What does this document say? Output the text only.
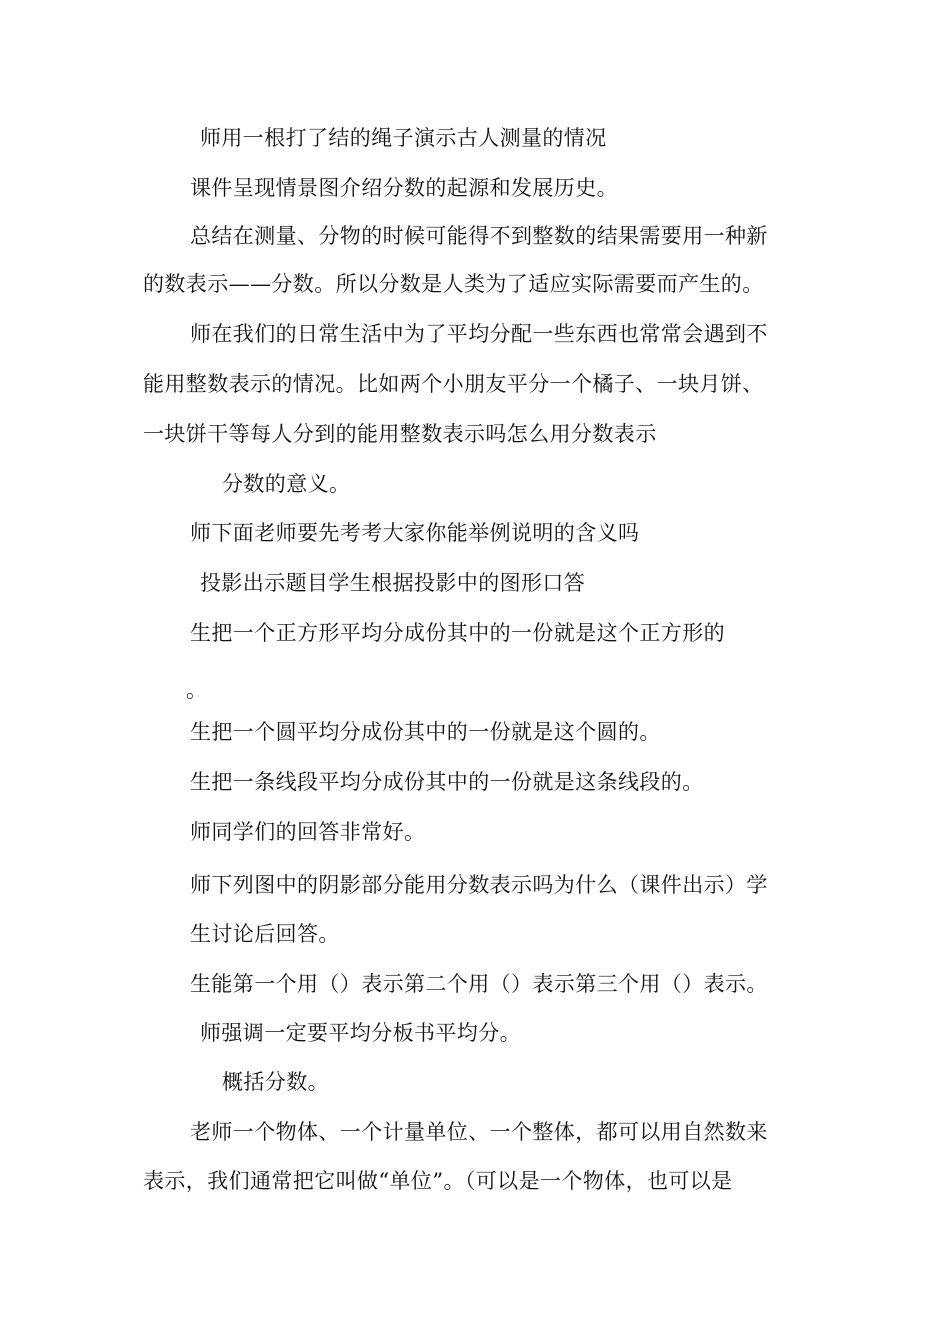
师用一根打了结的绳子演示古人测量的情况
课件呈现情景图介绍分数的起源和发展历史。
总结在测量、分物的时候可能得不到整数的结果需要用一种新
的数表示——分数。所以分数是人类为了适应实际需要而产生的。
师在我们的日常生活中为了平均分配一些东西也常常会遇到不
能用整数表示的情况。比如两个小朋友平分一个橘子、一块月饼、
一块饼干等每人分到的能用整数表示吗怎么用分数表示
分数的意义。
师下面老师要先考考大家你能举例说明的含义吗
投影出示题目学生根据投影中的图形口答
生把一个正方形平均分成份其中的一份就是这个正方形的
。
生把一个圆平均分成份其中的一份就是这个圆的。
生把一条线段平均分成份其中的一份就是这条线段的。
师同学们的回答非常好。
师下列图中的阴影部分能用分数表示吗为什么（课件出示）学
生讨论后回答。
生能第一个用（）表示第二个用（）表示第三个用（）表示。
师强调一定要平均分板书平均分。
概括分数。
老师一个物体、一个计量单位、一个整体，都可以用自然数来
表示，我们通常把它叫做“单位”。（可以是一个物体，也可以是
